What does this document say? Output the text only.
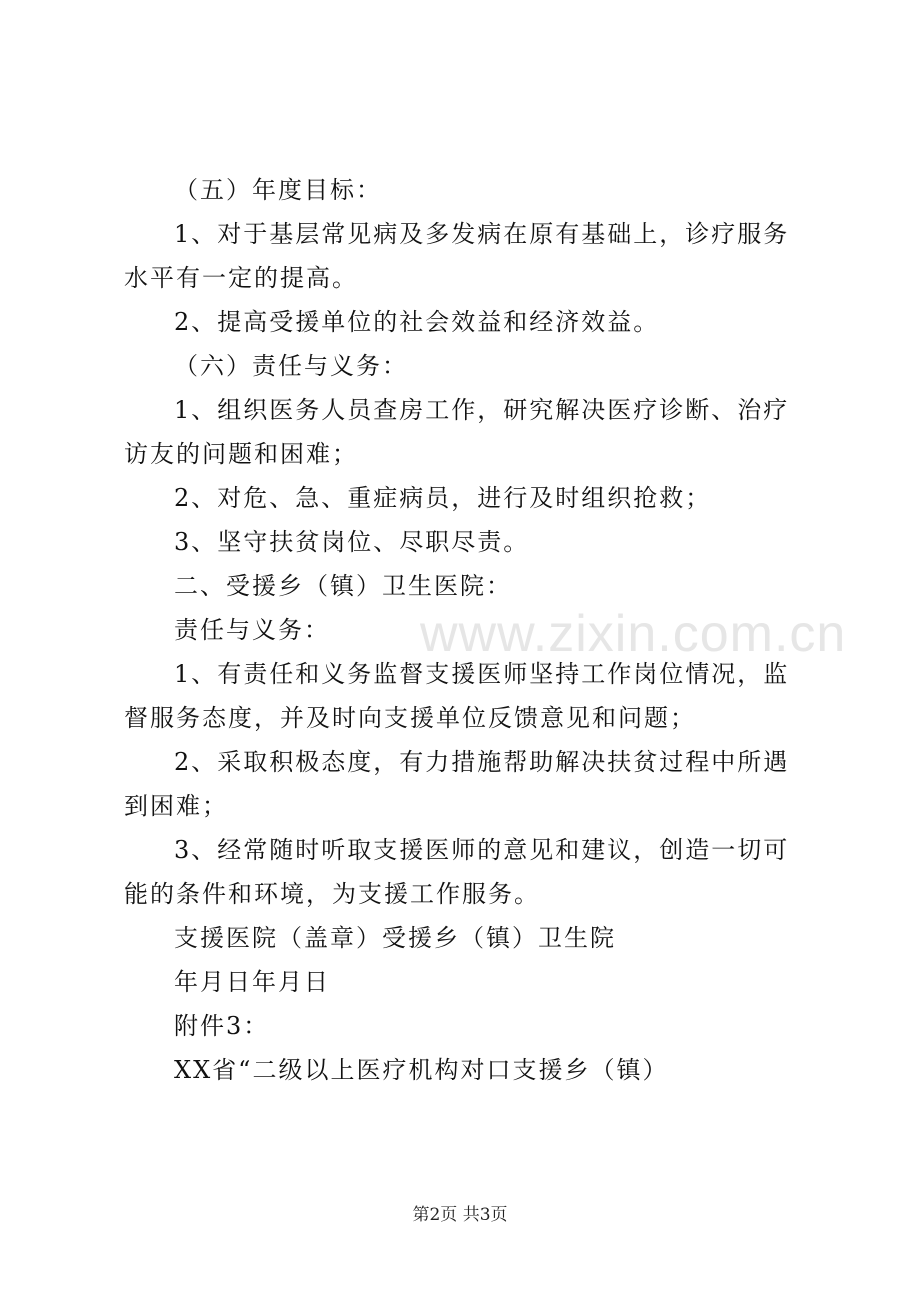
www.zixin.com.cn

（五）年度目标：

1、对于基层常见病及多发病在原有基础上，诊疗服务水平有一定的提高。

2、提高受援单位的社会效益和经济效益。

（六）责任与义务：

1、组织医务人员查房工作，研究解决医疗诊断、治疗访友的问题和困难；

2、对危、急、重症病员，进行及时组织抢救；

3、坚守扶贫岗位、尽职尽责。

二、受援乡（镇）卫生医院：

责任与义务：

1、有责任和义务监督支援医师坚持工作岗位情况，监督服务态度，并及时向支援单位反馈意见和问题；

2、采取积极态度，有力措施帮助解决扶贫过程中所遇到困难；

3、经常随时听取支援医师的意见和建议，创造一切可能的条件和环境，为支援工作服务。

支援医院（盖章）受援乡（镇）卫生院

年月日年月日

附件3：

XX省“二级以上医疗机构对口支援乡（镇）

第2页 共3页
